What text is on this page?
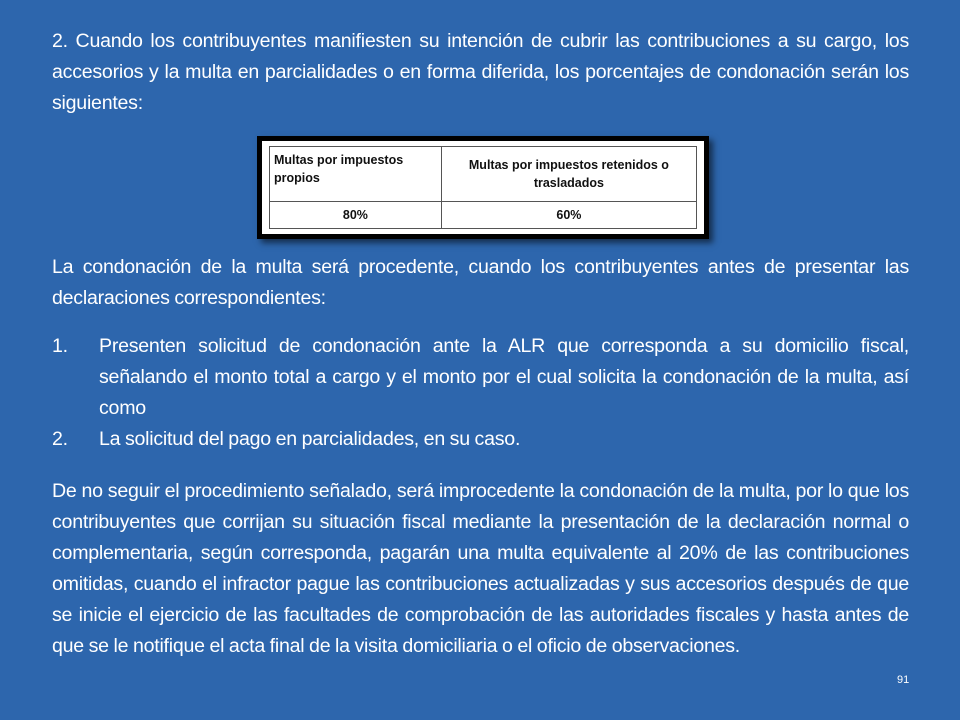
2. Cuando los contribuyentes manifiesten su intención de cubrir las contribuciones a su cargo, los accesorios y la multa en parcialidades o en forma diferida, los porcentajes de condonación serán los siguientes:

Multas por impuestos propios	Multas por impuestos retenidos o trasladados
80%	60%

La condonación de la multa será procedente, cuando los contribuyentes antes de presentar las declaraciones correspondientes:

1. Presenten solicitud de condonación ante la ALR que corresponda a su domicilio fiscal, señalando el monto total a cargo y el monto por el cual solicita la condonación de la multa, así como
2. La solicitud del pago en parcialidades, en su caso.

De no seguir el procedimiento señalado, será improcedente la condonación de la multa, por lo que los contribuyentes que corrijan su situación fiscal mediante la presentación de la declaración normal o complementaria, según corresponda, pagarán una multa equivalente al 20% de las contribuciones omitidas, cuando el infractor pague las contribuciones actualizadas y sus accesorios después de que se inicie el ejercicio de las facultades de comprobación de las autoridades fiscales y hasta antes de que se le notifique el acta final de la visita domiciliaria o el oficio de observaciones.

91
